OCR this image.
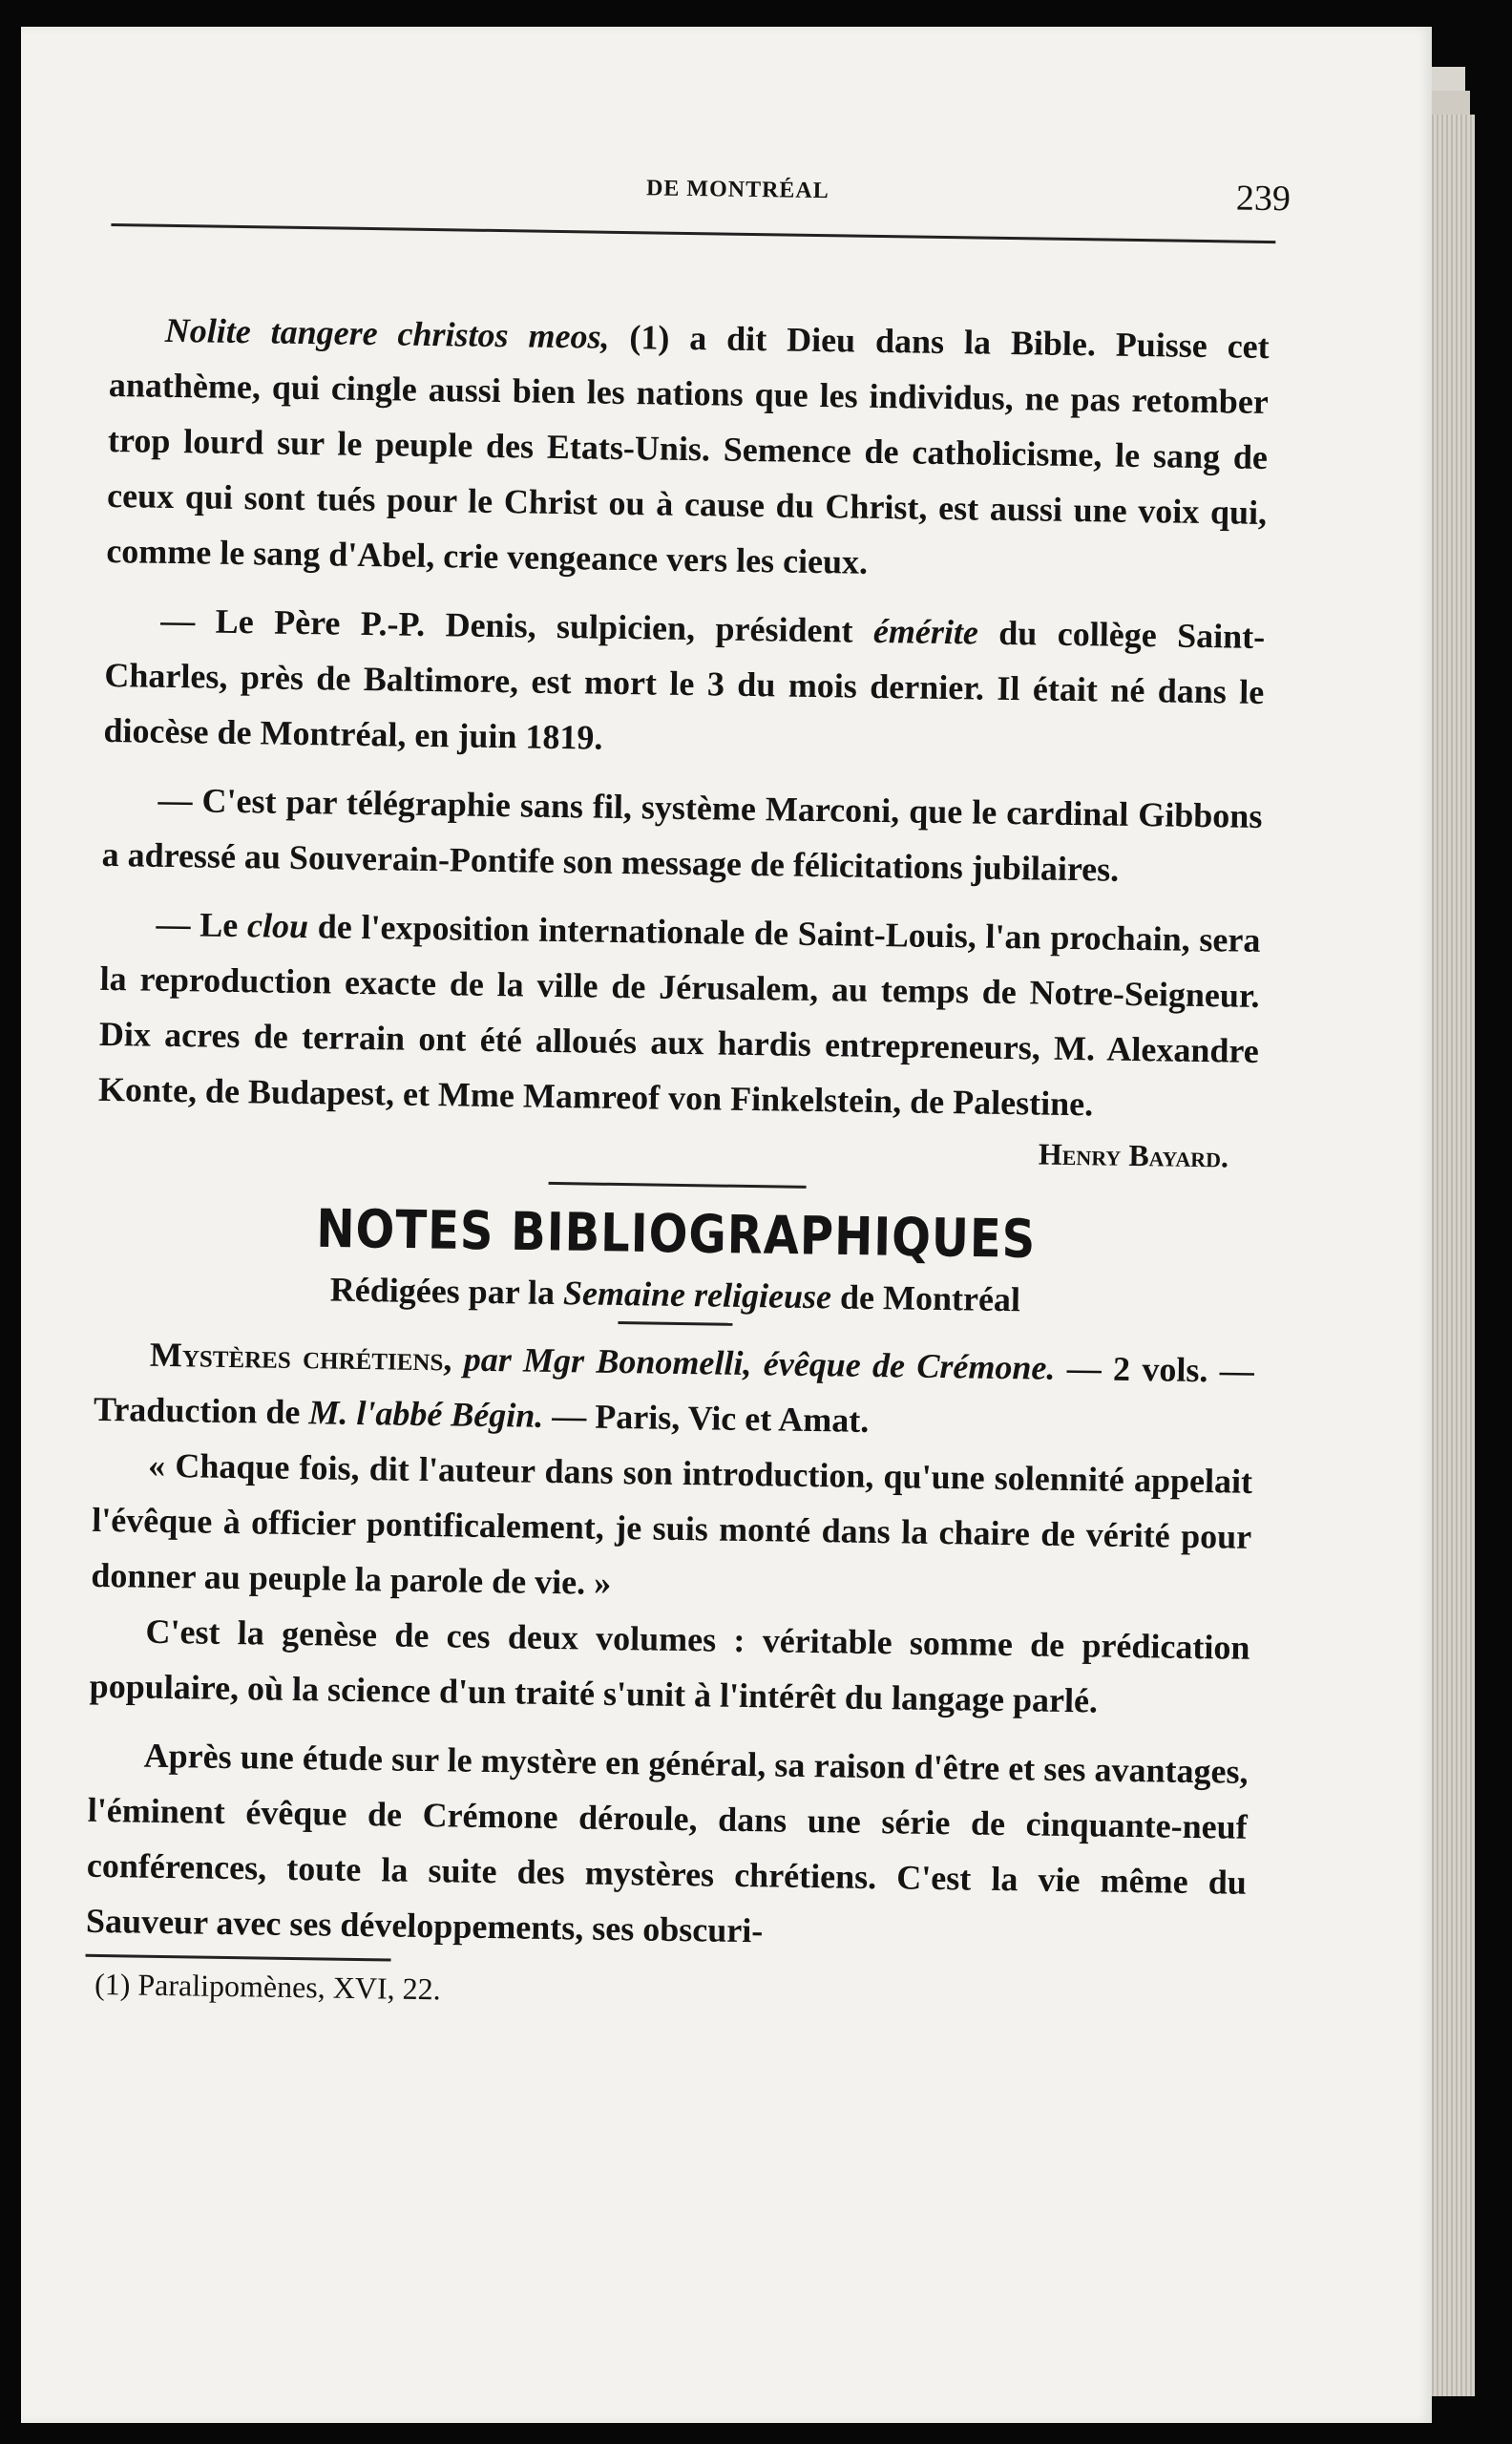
DE MONTRÉAL	239

Nolite tangere christos meos, (1) a dit Dieu dans la Bible. Puisse cet anathème, qui cingle aussi bien les nations que les individus, ne pas retomber trop lourd sur le peuple des Etats-Unis. Semence de catholicisme, le sang de ceux qui sont tués pour le Christ ou à cause du Christ, est aussi une voix qui, comme le sang d'Abel, crie vengeance vers les cieux.

— Le Père P.-P. Denis, sulpicien, président émérite du collège Saint-Charles, près de Baltimore, est mort le 3 du mois dernier. Il était né dans le diocèse de Montréal, en juin 1819.

— C'est par télégraphie sans fil, système Marconi, que le cardinal Gibbons a adressé au Souverain-Pontife son message de félicitations jubilaires.

— Le clou de l'exposition internationale de Saint-Louis, l'an prochain, sera la reproduction exacte de la ville de Jérusalem, au temps de Notre-Seigneur. Dix acres de terrain ont été alloués aux hardis entrepreneurs, M. Alexandre Konte, de Budapest, et Mme Mamreof von Finkelstein, de Palestine.

Henry Bayard.
NOTES BIBLIOGRAPHIQUES
Rédigées par la Semaine religieuse de Montréal

Mystères chrétiens, par Mgr Bonomelli, évêque de Crémone. — 2 vols. — Traduction de M. l'abbé Bégin. — Paris, Vic et Amat.

« Chaque fois, dit l'auteur dans son introduction, qu'une solennité appelait l'évêque à officier pontificalement, je suis monté dans la chaire de vérité pour donner au peuple la parole de vie. »

C'est la genèse de ces deux volumes : véritable somme de prédication populaire, où la science d'un traité s'unit à l'intérêt du langage parlé.

Après une étude sur le mystère en général, sa raison d'être et ses avantages, l'éminent évêque de Crémone déroule, dans une série de cinquante-neuf conférences, toute la suite des mystères chrétiens. C'est la vie même du Sauveur avec ses développements, ses obscuri-

(1) Paralipomènes, XVI, 22.
